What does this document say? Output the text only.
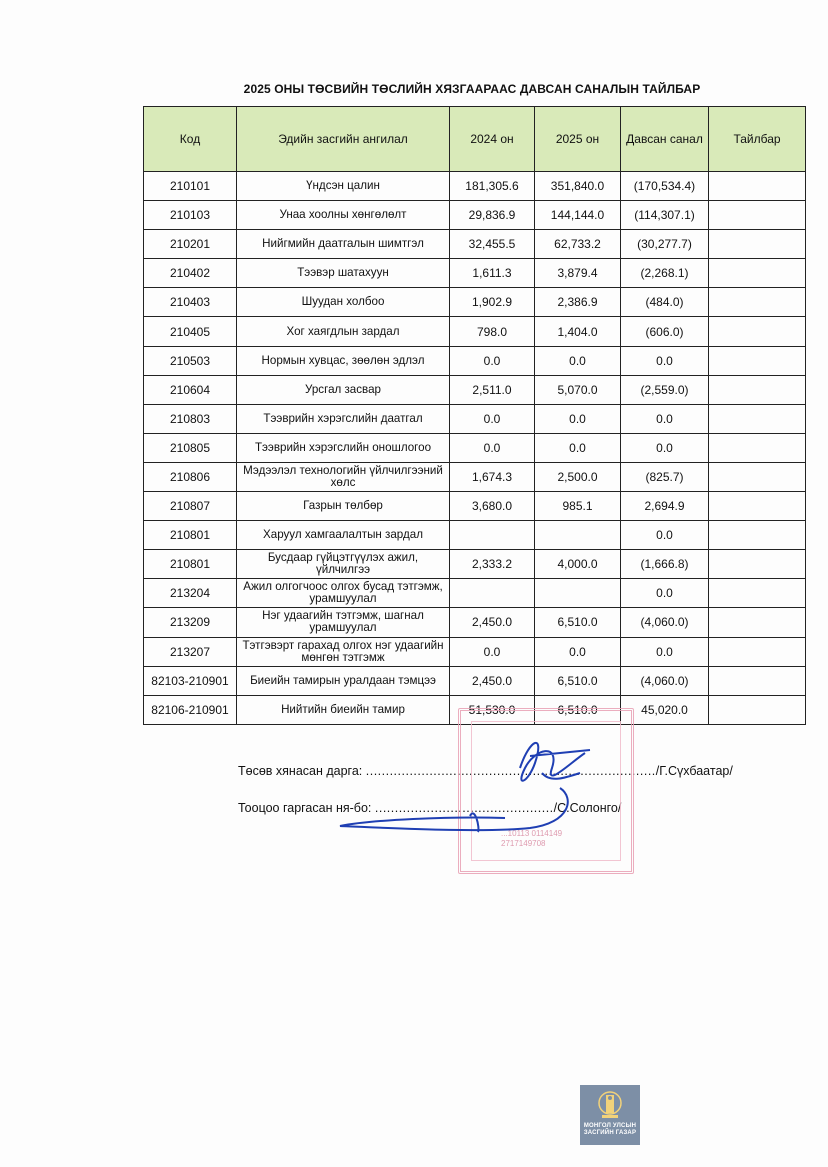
2025 ОНЫ ТӨСВИЙН ТӨСЛИЙН ХЯЗГААРААС ДАВСАН САНАЛЫН ТАЙЛБАР
Код	Эдийн засгийн ангилал	2024 он	2025 он	Давсан санал	Тайлбар
210101	Үндсэн цалин	181,305.6	351,840.0	(170,534.4)	
210103	Унаа хоолны хөнгөлөлт	29,836.9	144,144.0	(114,307.1)	
210201	Нийгмийн даатгалын шимтгэл	32,455.5	62,733.2	(30,277.7)	
210402	Тээвэр шатахуун	1,611.3	3,879.4	(2,268.1)	
210403	Шуудан холбоо	1,902.9	2,386.9	(484.0)	
210405	Хог хаягдлын зардал	798.0	1,404.0	(606.0)	
210503	Нормын хувцас, зөөлөн эдлэл	0.0	0.0	0.0	
210604	Урсгал засвар	2,511.0	5,070.0	(2,559.0)	
210803	Тээврийн хэрэгслийн даатгал	0.0	0.0	0.0	
210805	Тээврийн хэрэгслийн оношлогоо	0.0	0.0	0.0	
210806	Мэдээлэл технологийн үйлчилгээний хөлс	1,674.3	2,500.0	(825.7)	
210807	Газрын төлбөр	3,680.0	985.1	2,694.9	
210801	Харуул хамгаалалтын зардал			0.0	
210801	Бусдаар гүйцэтгүүлэх ажил, үйлчилгээ	2,333.2	4,000.0	(1,666.8)	
213204	Ажил олгогчоос олгох бусад тэтгэмж, урамшуулал			0.0	
213209	Нэг удаагийн тэтгэмж, шагнал урамшуулал	2,450.0	6,510.0	(4,060.0)	
213207	Тэтгэвэрт гарахад олгох нэг удаагийн мөнгөн тэтгэмж	0.0	0.0	0.0	
82103-210901	Биеийн тамирын уралдаан тэмцээ	2,450.0	6,510.0	(4,060.0)	
82106-210901	Нийтийн биеийн тамир	51,530.0	6,510.0	45,020.0	
Төсөв хянасан дарга: ........................................................................./Г.Сүхбаатар/
Тооцоо гаргасан ня-бо: ............................................./С.Солонго/
...10113 0114149
2717149708
МОНГОЛ УЛСЫН
ЗАСГИЙН ГАЗАР
